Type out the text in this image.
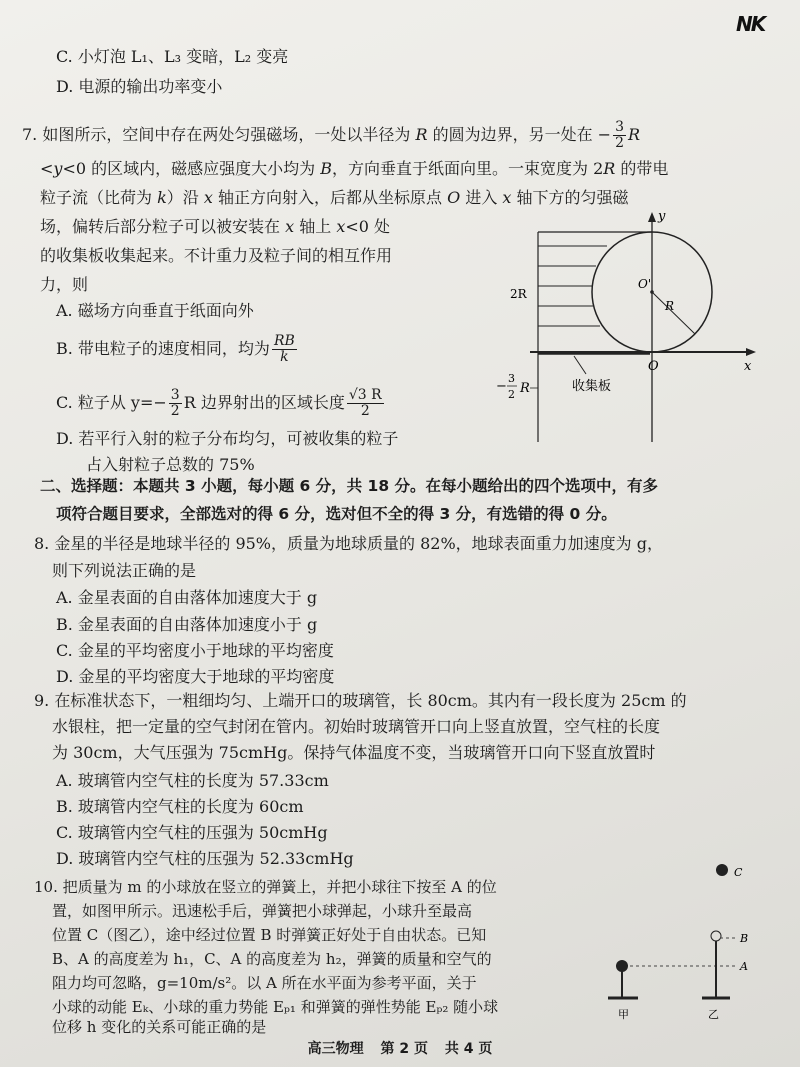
NK
C. 小灯泡 L₁、L₃ 变暗，L₂ 变亮
D. 电源的输出功率变小
7. 如图所示，空间中存在两处匀强磁场，一处以半径为 R 的圆为边界，另一处在 − $\frac{3}{2}$ R
<y<0 的区域内，磁感应强度大小均为 B，方向垂直于纸面向里。一束宽度为 2R 的带电
粒子流（比荷为 k）沿 x 轴正方向射入，后都从坐标原点 O 进入 x 轴下方的匀强磁
场，偏转后部分粒子可以被安装在 x 轴上 x<0 处
的收集板收集起来。不计重力及粒子间的相互作用
力，则
A. 磁场方向垂直于纸面向外
B. 带电粒子的速度相同，均为 $\frac{RB}{k}$
C. 粒子从 $y=- \frac{3}{2}$ R 边界射出的区域长度 $\frac{√3 R}{2}$
D. 若平行入射的粒子分布均匀，可被收集的粒子
占入射粒子总数的 75%
y
x
O
O'
R
2R
收集板
−
3
2 R
二、选择题：本题共 3 小题，每小题 6 分，共 18 分。在每小题给出的四个选项中，有多
项符合题目要求，全部选对的得 6 分，选对但不全的得 3 分，有选错的得 0 分。
8. 金星的半径是地球半径的 95%，质量为地球质量的 82%，地球表面重力加速度为 g，
则下列说法正确的是
A. 金星表面的自由落体加速度大于 g
B. 金星表面的自由落体加速度小于 g
C. 金星的平均密度小于地球的平均密度
D. 金星的平均密度大于地球的平均密度
9. 在标准状态下，一粗细均匀、上端开口的玻璃管，长 80cm。其内有一段长度为 25cm 的
水银柱，把一定量的空气封闭在管内。初始时玻璃管开口向上竖直放置，空气柱的长度
为 30cm，大气压强为 75cmHg。保持气体温度不变，当玻璃管开口向下竖直放置时
A. 玻璃管内空气柱的长度为 57.33cm
B. 玻璃管内空气柱的长度为 60cm
C. 玻璃管内空气柱的压强为 50cmHg
D. 玻璃管内空气柱的压强为 52.33cmHg
10. 把质量为 m 的小球放在竖立的弹簧上，并把小球往下按至 A 的位
置，如图甲所示。迅速松手后，弹簧把小球弹起，小球升至最高
位置 C（图乙），途中经过位置 B 时弹簧正好处于自由状态。已知
B、A 的高度差为 h₁，C、A 的高度差为 h₂，弹簧的质量和空气的
阻力均可忽略，g=10m/s²。以 A 所在水平面为参考平面，关于
小球的动能 Eₖ、小球的重力势能 Eₚ₁ 和弹簧的弹性势能 Eₚ₂ 随小球
位移 h 变化的关系可能正确的是
C
甲
A
B
乙
高三物理 第 2 页 共 4 页
